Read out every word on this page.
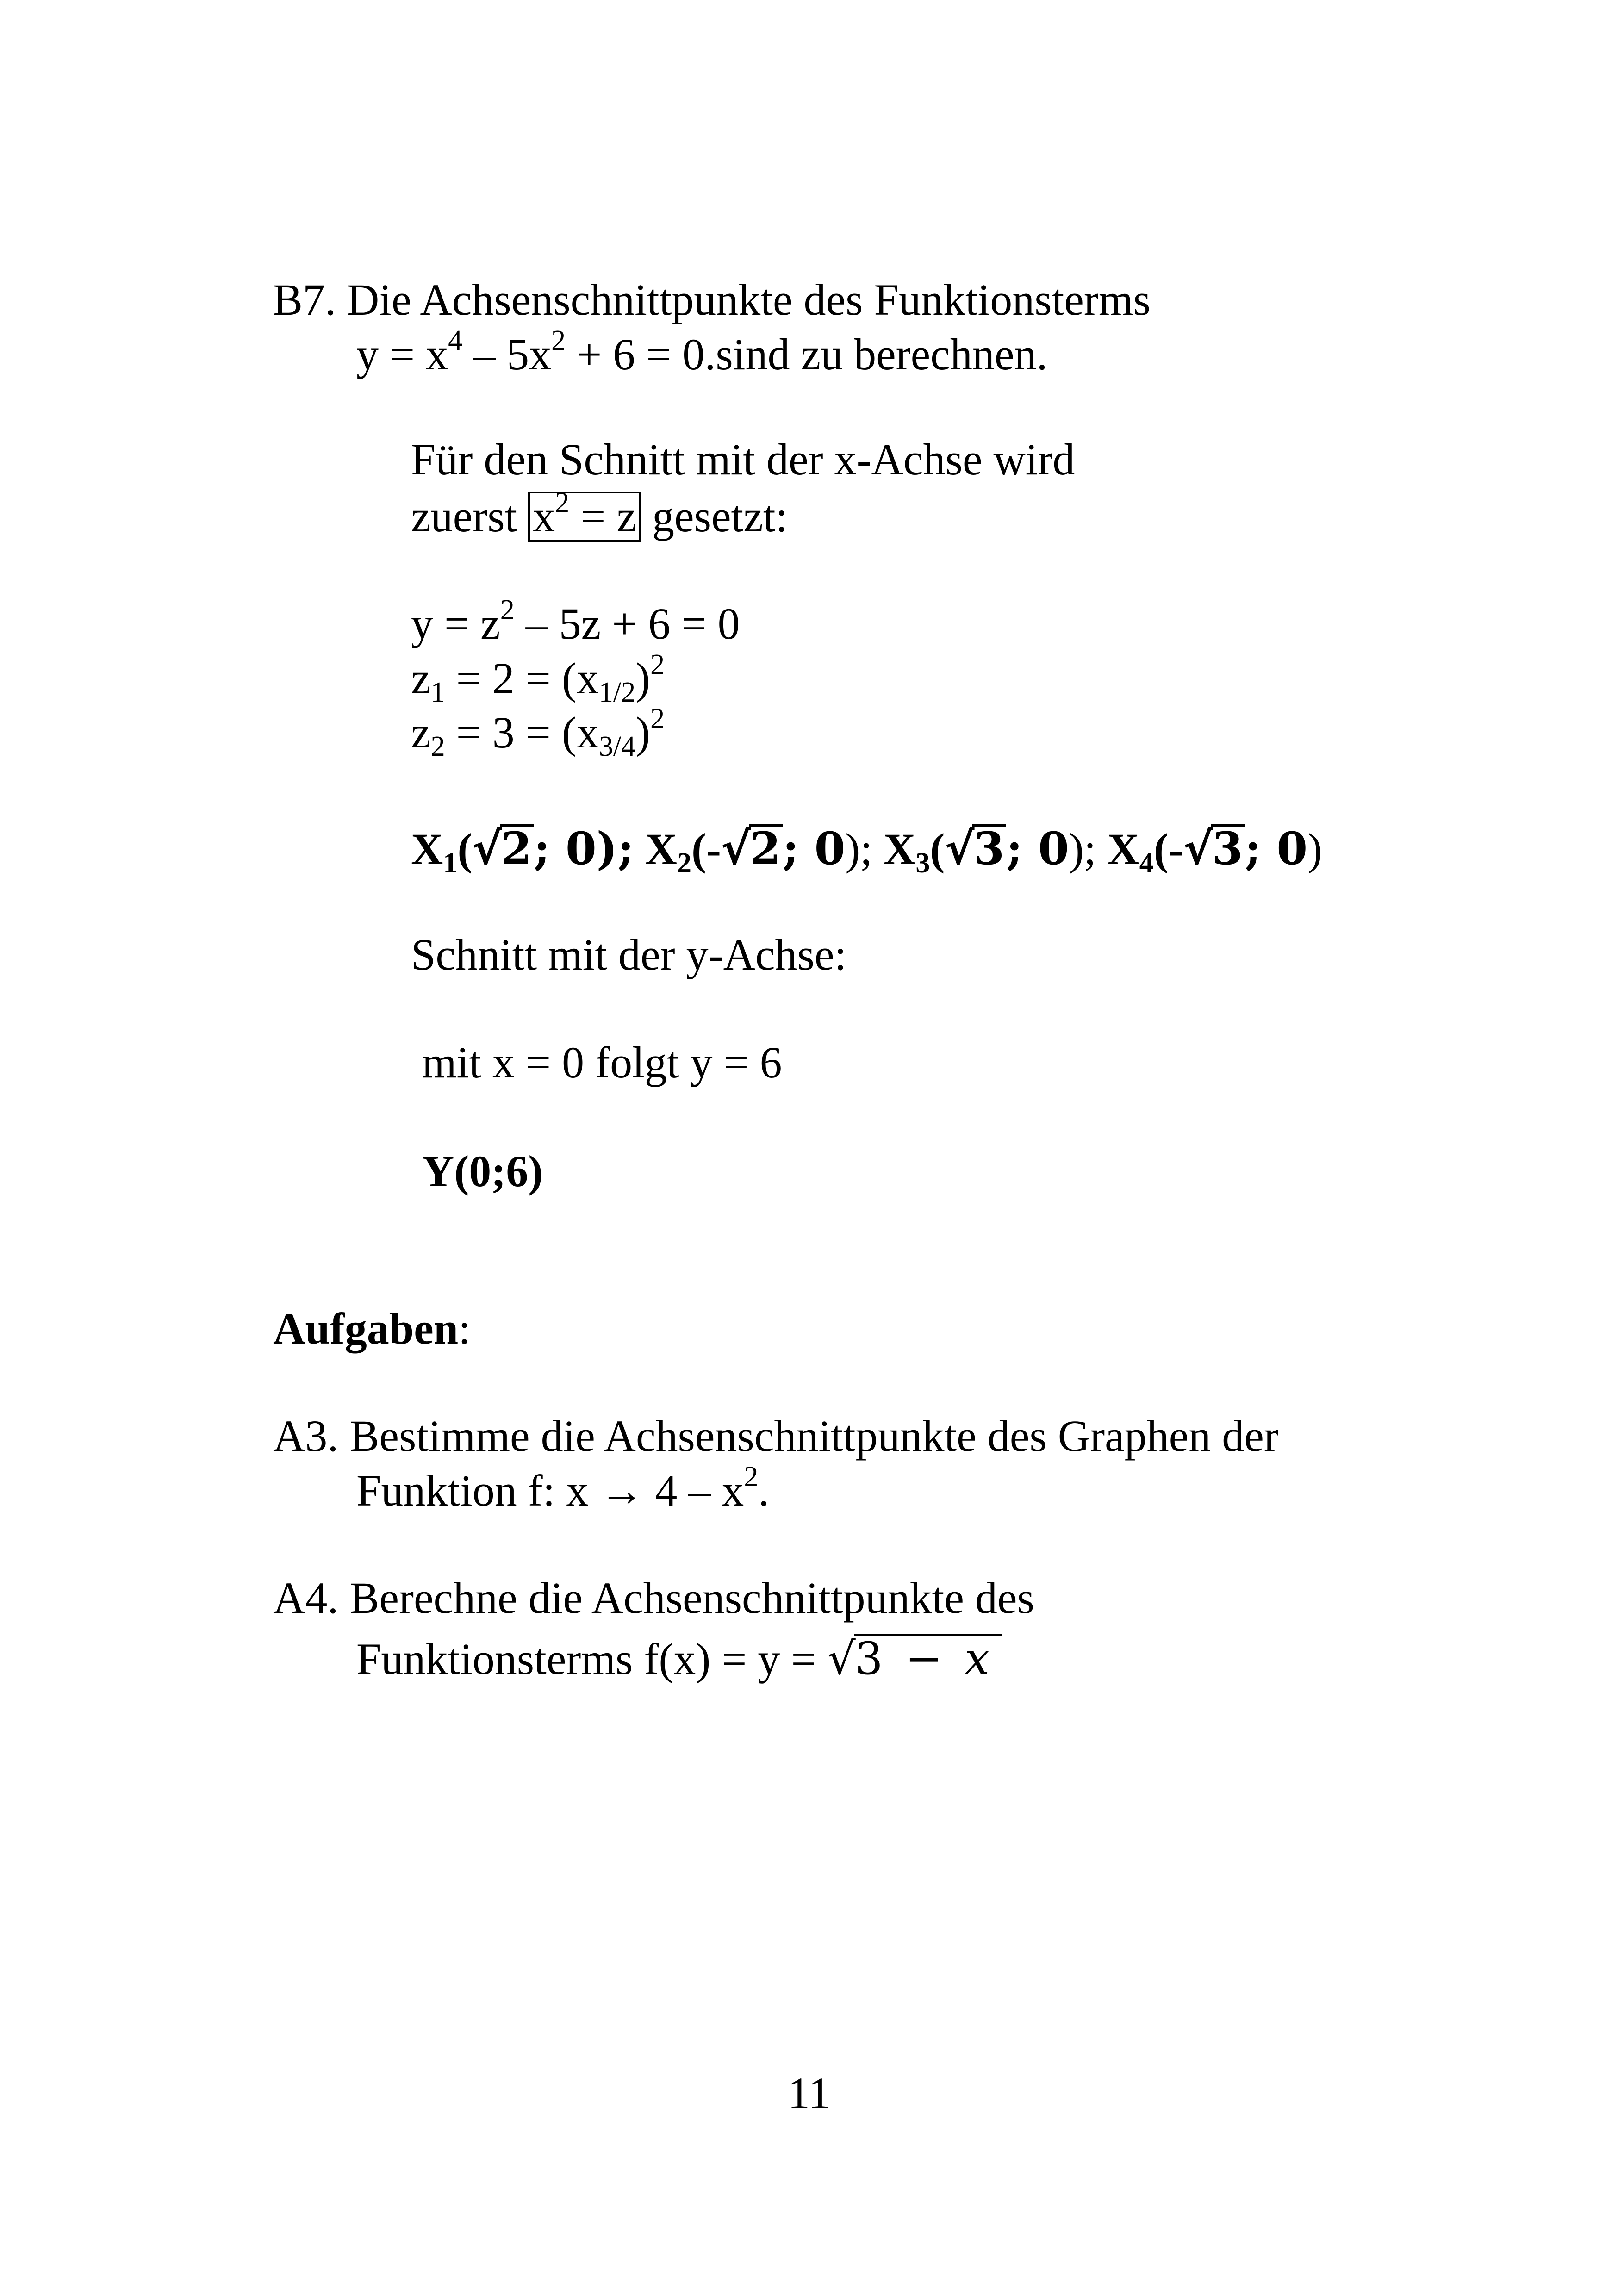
B7. Die Achsenschnittpunkte des Funktionsterms
$y = x^4 - 5x^2 + 6 = 0.\sin d$ zu berechnen.
Für den Schnitt mit der x-Achse wird
zuerst $x^2 = z$ gesetzt:
$y = z^2 - 5z + 6 = 0$
$z1 = 2 = (x1/2)^2$
$z2 = 3 = (x3/4)^2$
X1(√2; 0); X2(-√2; 0); X3(√3; 0); X4(-√3; 0)
Schnitt mit der y-Achse:
mit x = 0 folgt y = 6
Y(0;6)
Aufgaben:
A3. Bestimme die Achsenschnittpunkte des Graphen der
Funktion f: $x \to 4 - x^2$.
A4. Berechne die Achsenschnittpunkte des
Funktionsterms f(x) = y = √3 − x
11
